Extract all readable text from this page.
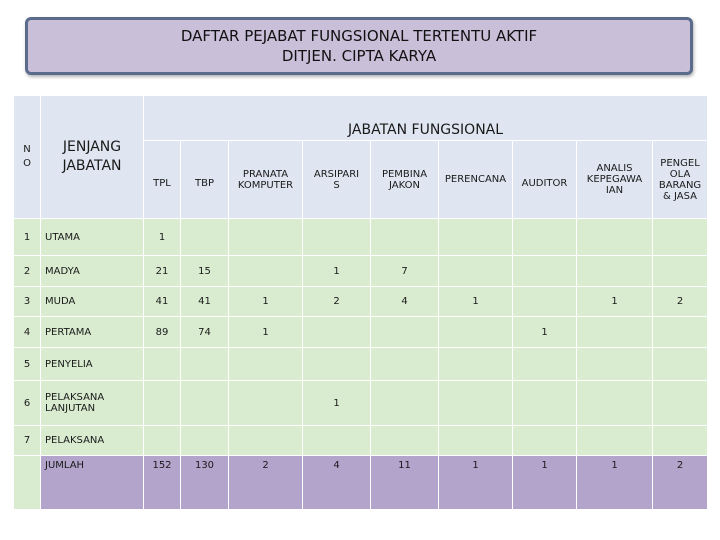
DAFTAR PEJABAT FUNGSIONAL TERTENTU AKTIF
DITJEN. CIPTA KARYA
N O	JENJANG JABATAN	JABATAN FUNGSIONAL								
		TPL	TBP	PRANATA KOMPUTER	ARSIPARI S	PEMBINA JAKON	PERENCANA	AUDITOR	ANALIS KEPEGAWA IAN	PENGEL OLA BARANG & JASA
1	UTAMA	1								
2	MADYA	21	15		1	7				
3	MUDA	41	41	1	2	4	1		1	2
4	PERTAMA	89	74	1				1		
5	PENYELIA									
6	PELAKSANA LANJUTAN				1					
7	PELAKSANA									
	JUMLAH	152	130	2	4	11	1	1	1	2
